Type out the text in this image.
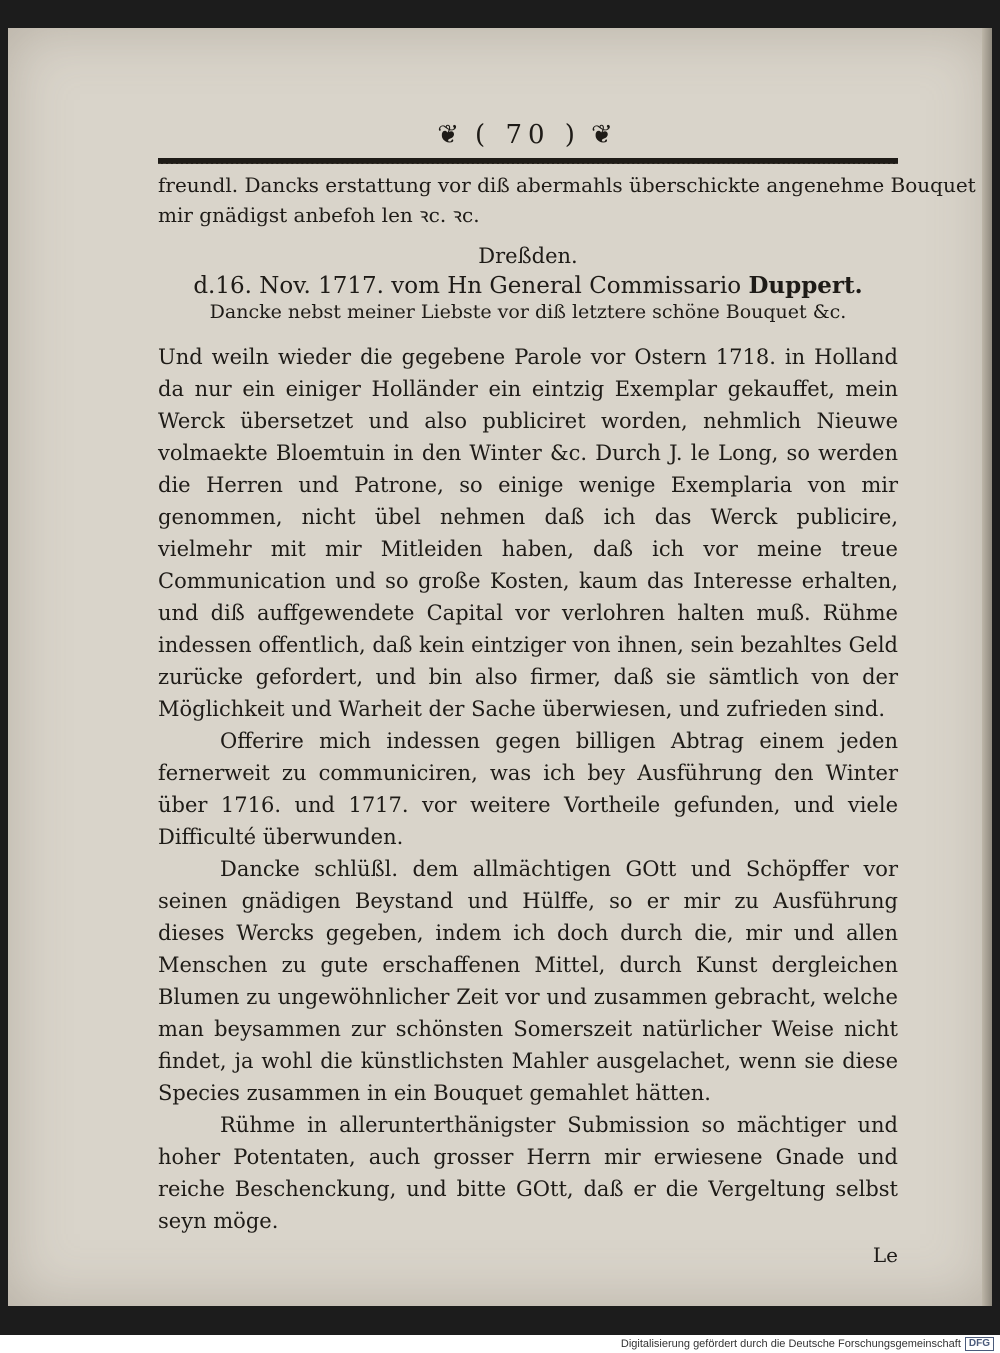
❦ ( 70 ) ❦
freundl. Dancks erstattung vor diß abermahls überschickte angenehme Bouquet
mir gnädigst anbefoh len ꝛc. ꝛc.
Dreßden.
d.16. Nov. 1717. vom Hn General Commissario Duppert.
Dancke nebst meiner Liebste vor diß letztere schöne Bouquet &c.
Und weiln wieder die gegebene Parole vor Ostern 1718. in Holland da nur ein einiger Holländer ein eintzig Exemplar gekauffet, mein Werck übersetzet und also publiciret worden, nehmlich Nieuwe volmaekte Bloemtuin in den Winter &c. Durch J. le Long, so werden die Herren und Patrone, so einige wenige Exemplaria von mir genommen, nicht übel nehmen daß ich das Werck publicire, vielmehr mit mir Mitleiden haben, daß ich vor meine treue Communication und so große Kosten, kaum das Interesse erhalten, und diß auffgewendete Capital vor verlohren halten muß. Rühme indessen offentlich, daß kein eintziger von ihnen, sein bezahltes Geld zurücke gefordert, und bin also firmer, daß sie sämtlich von der Möglichkeit und Warheit der Sache überwiesen, und zufrieden sind.
Offerire mich indessen gegen billigen Abtrag einem jeden fernerweit zu communiciren, was ich bey Ausführung den Winter über 1716. und 1717. vor weitere Vortheile gefunden, und viele Difficulté überwunden.
Dancke schlüßl. dem allmächtigen GOtt und Schöpffer vor seinen gnädigen Beystand und Hülffe, so er mir zu Ausführung dieses Wercks gegeben, indem ich doch durch die, mir und allen Menschen zu gute erschaffenen Mittel, durch Kunst dergleichen Blumen zu ungewöhnlicher Zeit vor und zusammen gebracht, welche man beysammen zur schönsten Somerszeit natürlicher Weise nicht findet, ja wohl die künstlichsten Mahler ausgelachet, wenn sie diese Species zusammen in ein Bouquet gemahlet hätten.
Rühme in allerunterthänigster Submission so mächtiger und hoher Potentaten, auch grosser Herrn mir erwiesene Gnade und reiche Beschenckung, und bitte GOtt, daß er die Vergeltung selbst seyn möge.
Le
Digitalisierung gefördert durch die Deutsche Forschungsgemeinschaft DFG
